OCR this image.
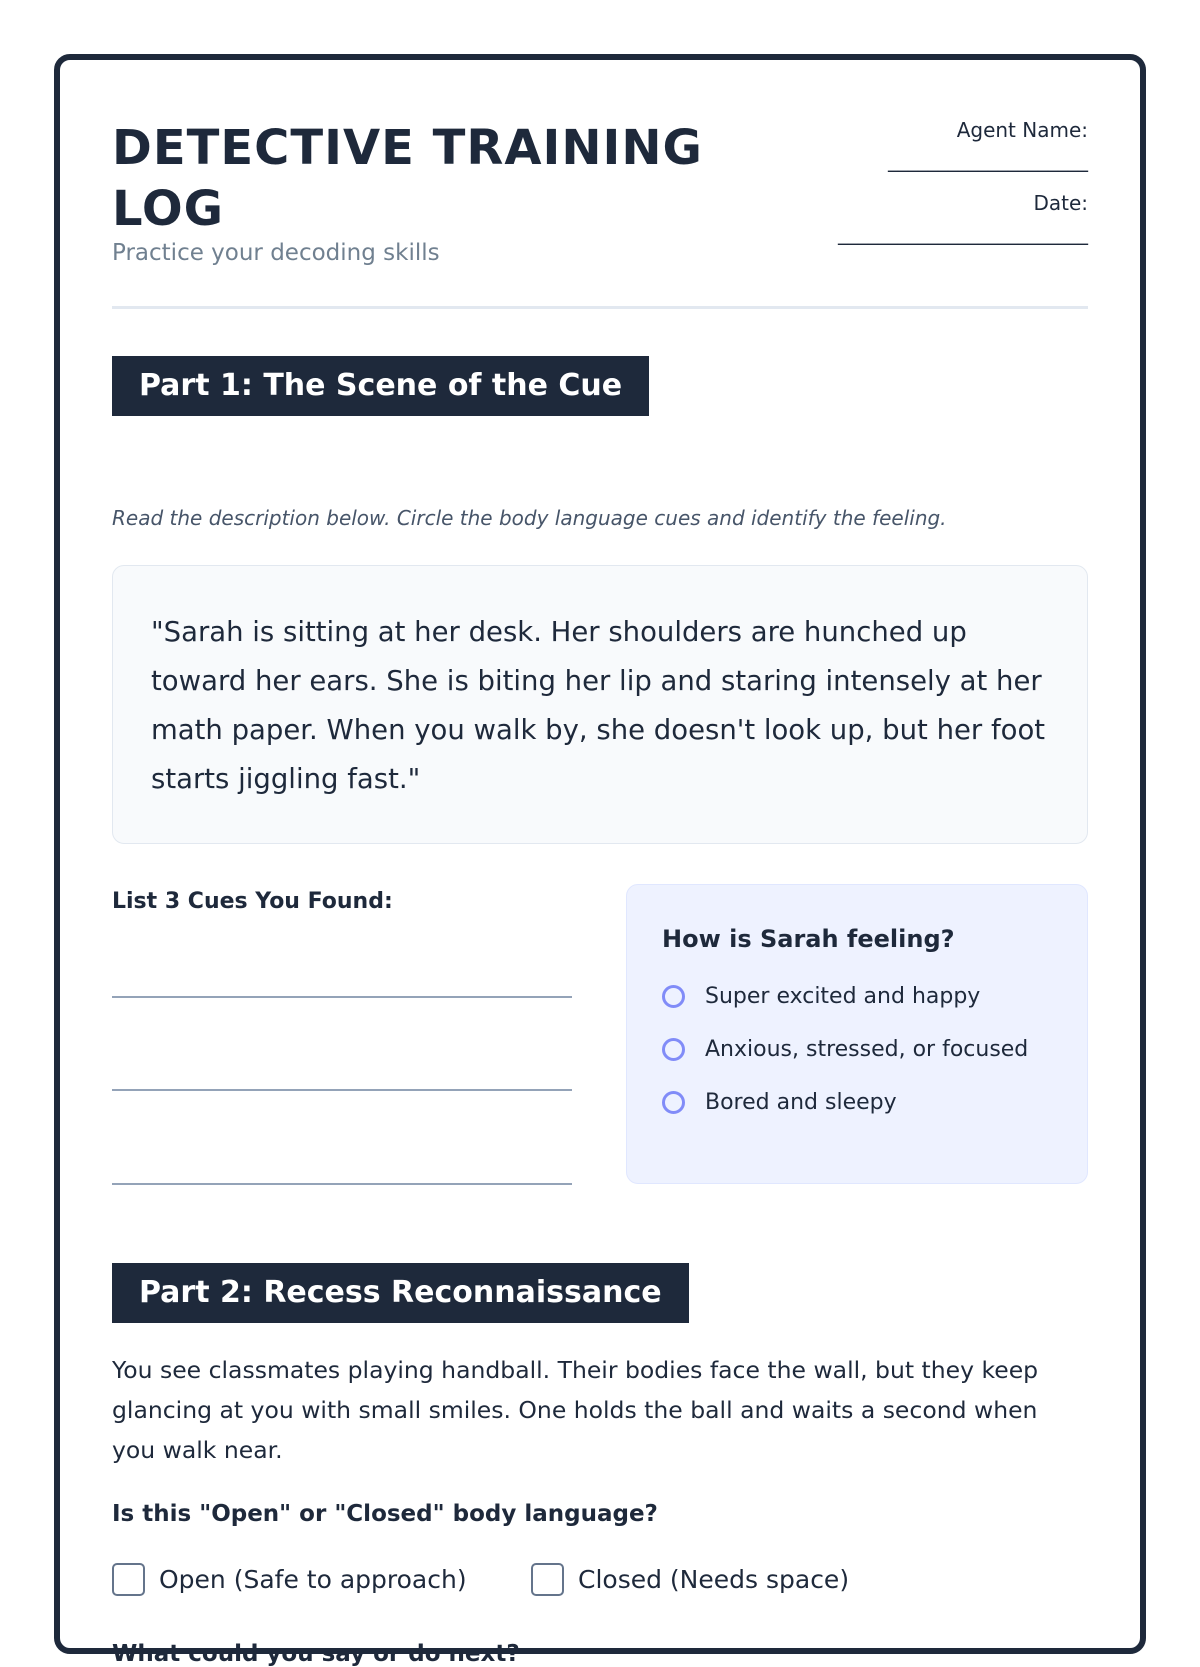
DETECTIVE TRAINING LOG
Practice your decoding skills
Agent Name:
____________________
Date:
_________________________
Part 1: The Scene of the Cue
Read the description below. Circle the body language cues and identify the feeling.
"Sarah is sitting at her desk. Her shoulders are hunched up toward her ears. She is biting her lip and staring intensely at her math paper. When you walk by, she doesn't look up, but her foot starts jiggling fast."
List 3 Cues You Found:
How is Sarah feeling?
Super excited and happy
Anxious, stressed, or focused
Bored and sleepy
Part 2: Recess Reconnaissance
You see classmates playing handball. Their bodies face the wall, but they keep glancing at you with small smiles. One holds the ball and waits a second when you walk near.
Is this "Open" or "Closed" body language?
Open (Safe to approach)	Closed (Needs space)
What could you say or do next?
